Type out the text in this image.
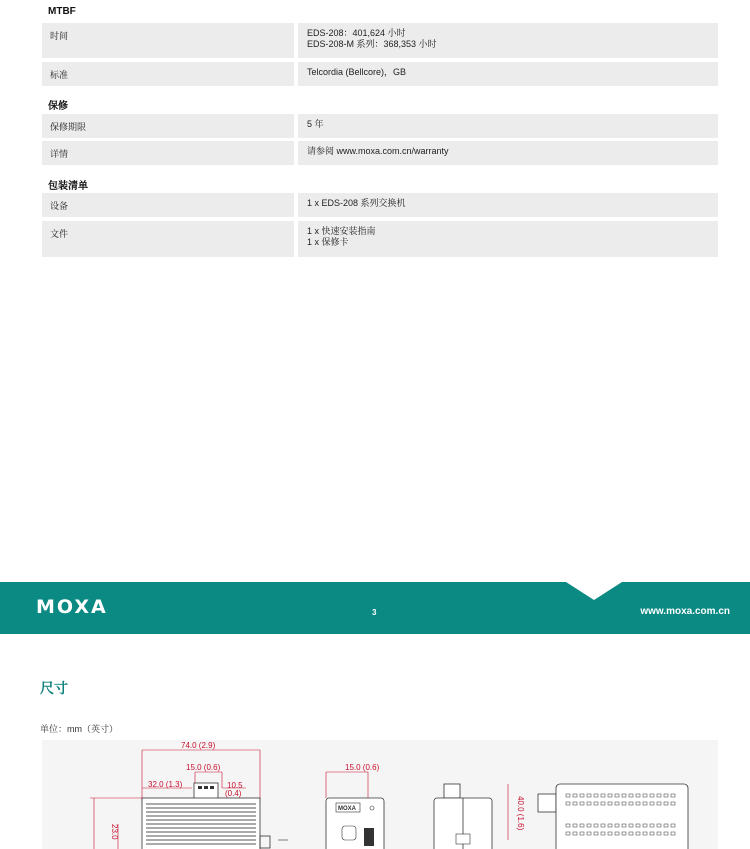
MTBF
时间	EDS-208：401,624 小时
EDS-208-M 系列：368,353 小时
标准	Telcordia (Bellcore)，GB
保修
保修期限	5 年
详情	请参阅 www.moxa.com.cn/warranty
包装清单
设备	1 x EDS-208 系列交换机
文件	1 x 快速安装指南
1 x 保修卡
MOXA	3	www.moxa.com.cn
尺寸
单位：mm（英寸）
74.0 (2.9)
15.0 (0.6)
32.0 (1.3)	10.5
(0.4)
23.0
15.0 (0.6)
MOXA	40.0 (1.6)
